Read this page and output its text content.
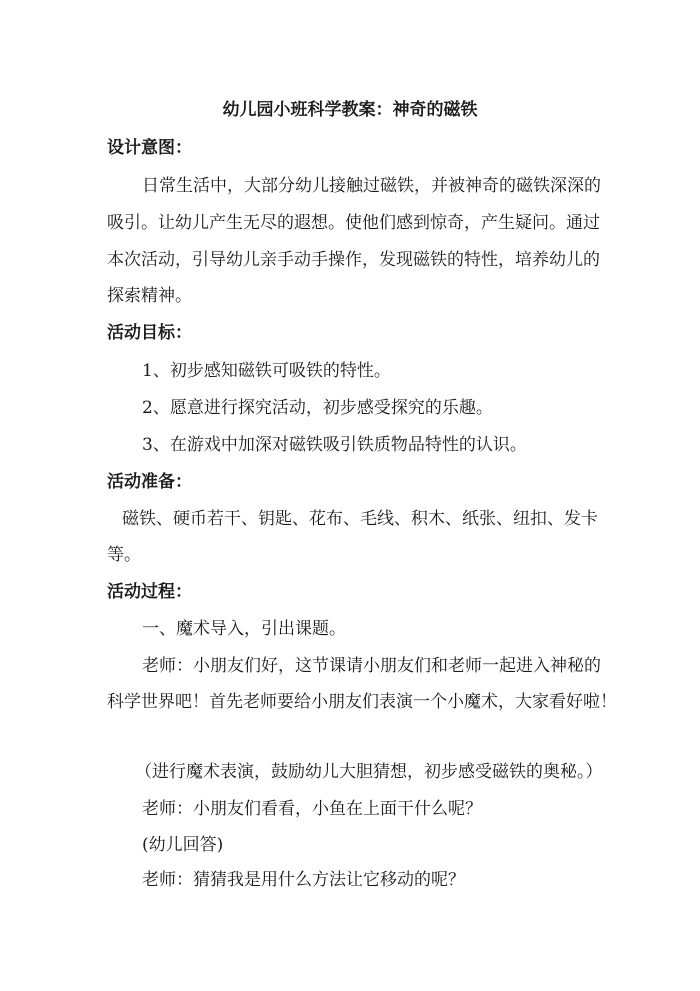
幼儿园小班科学教案：神奇的磁铁
设计意图：
日常生活中，大部分幼儿接触过磁铁，并被神奇的磁铁深深的
吸引。让幼儿产生无尽的遐想。使他们感到惊奇，产生疑问。通过
本次活动，引导幼儿亲手动手操作，发现磁铁的特性，培养幼儿的
探索精神。
活动目标：
1、初步感知磁铁可吸铁的特性。
2、愿意进行探究活动，初步感受探究的乐趣。
3、在游戏中加深对磁铁吸引铁质物品特性的认识。
活动准备：
磁铁、硬币若干、钥匙、花布、毛线、积木、纸张、纽扣、发卡
等。
活动过程：
一、魔术导入，引出课题。
老师：小朋友们好，这节课请小朋友们和老师一起进入神秘的
科学世界吧！首先老师要给小朋友们表演一个小魔术，大家看好啦！
（进行魔术表演，鼓励幼儿大胆猜想，初步感受磁铁的奥秘。）
老师：小朋友们看看，小鱼在上面干什么呢？
(幼儿回答)
老师：猜猜我是用什么方法让它移动的呢？
